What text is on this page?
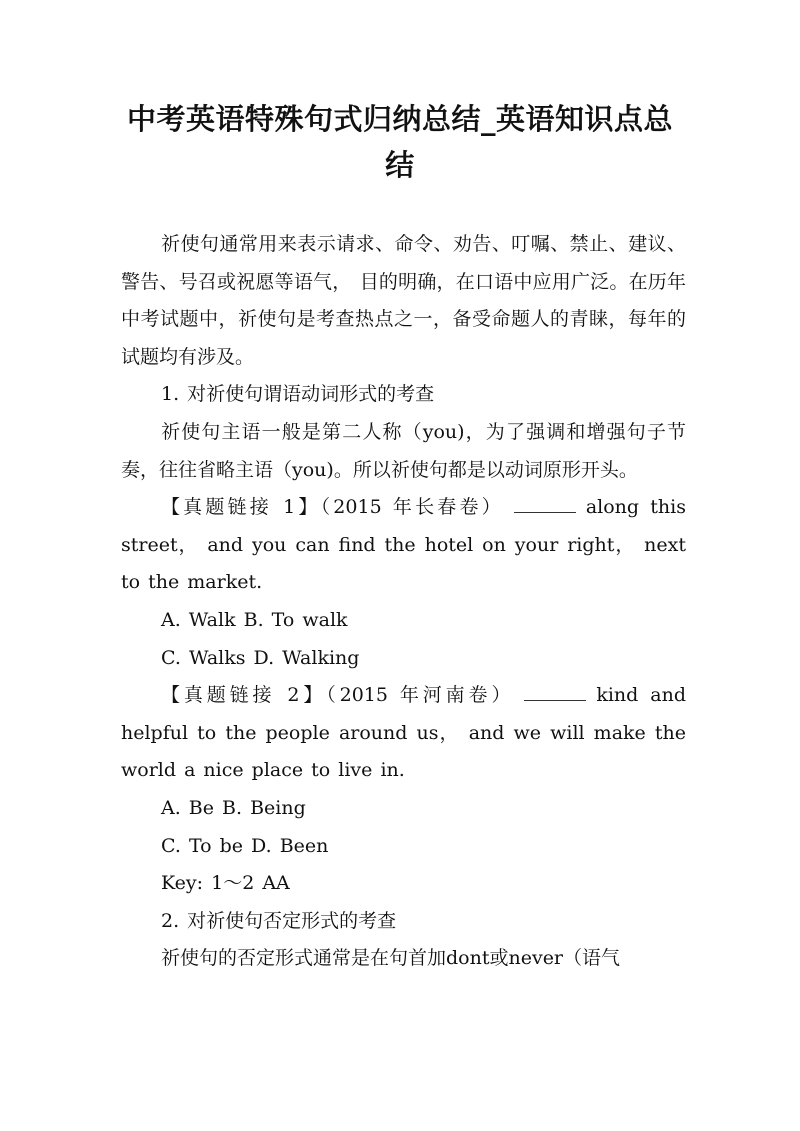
中考英语特殊句式归纳总结_英语知识点总
结

祈使句通常用来表示请求、命令、劝告、叮嘱、禁止、建议、警告、号召或祝愿等语气， 目的明确，在口语中应用广泛。在历年中考试题中，祈使句是考查热点之一，备受命题人的青睐，每年的试题均有涉及。

1. 对祈使句谓语动词形式的考查

祈使句主语一般是第二人称（you)，为了强调和增强句子节奏，往往省略主语（you)。所以祈使句都是以动词原形开头。

【真题链接 1】（2015 年长春卷）	along this street， and you can find the hotel on your right， next to the market.

A. Walk B. To walk

C. Walks D. Walking

【真题链接 2】（2015 年河南卷）	kind and helpful to the people around us， and we will make the world a nice place to live in.

A. Be B. Being

C. To be D. Been

Key: 1～2 AA

2. 对祈使句否定形式的考查

祈使句的否定形式通常是在句首加dont或never（语气
